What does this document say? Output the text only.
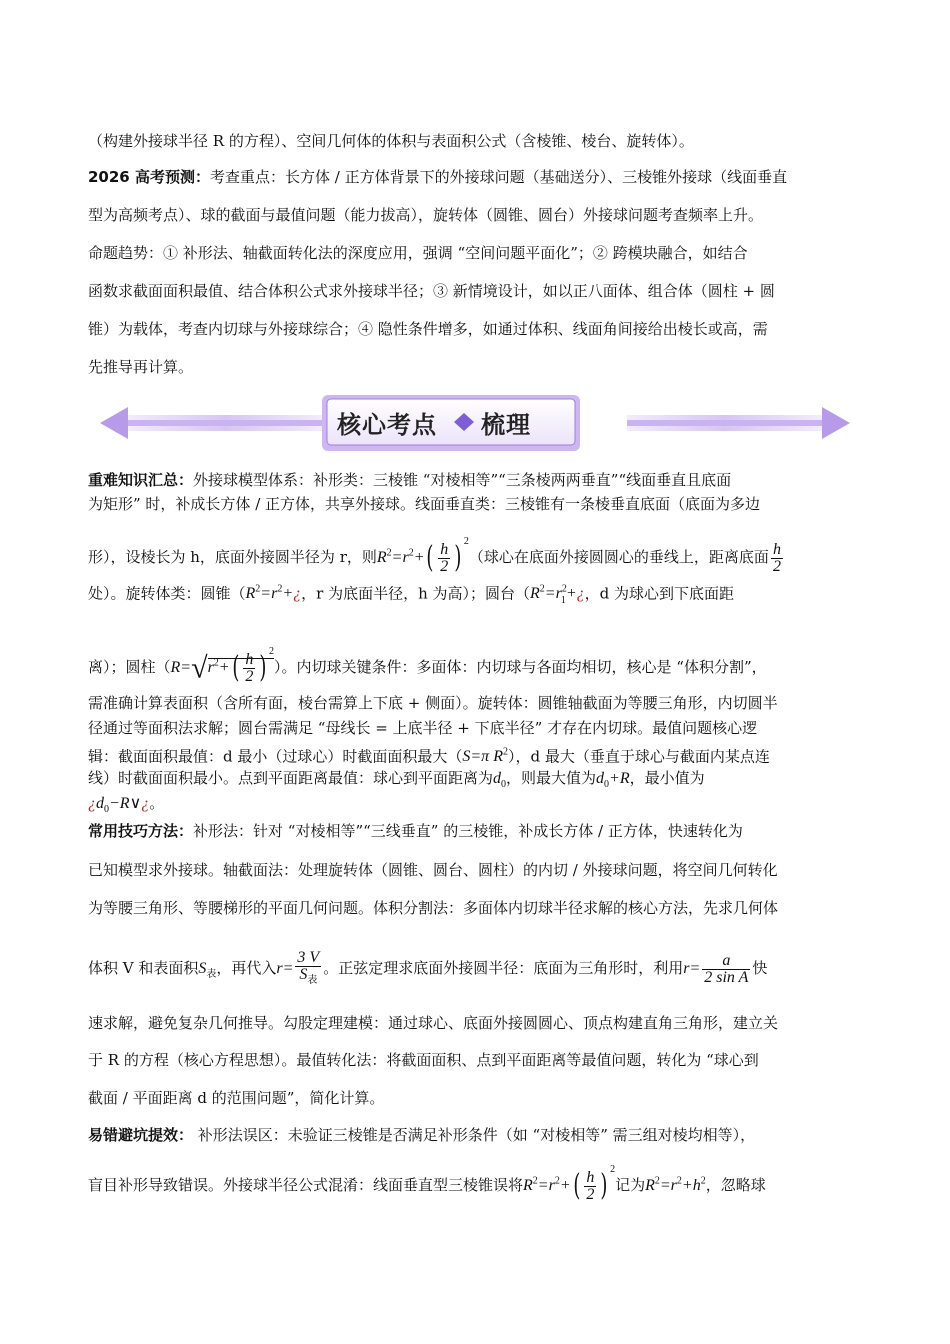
（构建外接球半径 R 的方程）、空间几何体的体积与表面积公式（含棱锥、棱台、旋转体）。

2026 高考预测：考查重点：长方体 / 正方体背景下的外接球问题（基础送分）、三棱锥外接球（线面垂直

型为高频考点）、球的截面与最值问题（能力拔高），旋转体（圆锥、圆台）外接球问题考查频率上升。

命题趋势：① 补形法、轴截面转化法的深度应用，强调 “空间问题平面化”；② 跨模块融合，如结合

函数求截面面积最值、结合体积公式求外接球半径；③ 新情境设计，如以正八面体、组合体（圆柱 + 圆

锥）为载体，考查内切球与外接球综合；④ 隐性条件增多，如通过体积、线面角间接给出棱长或高，需

先推导再计算。

核心考点 梳理

重难知识汇总：外接球模型体系：补形类：三棱锥 “对棱相等”“三条棱两两垂直”“线面垂直且底面

为矩形” 时，补成长方体 / 正方体，共享外接球。线面垂直类：三棱锥有一条棱垂直底面（底面为多边

形），设棱长为 h，底面外接圆半径为 r，则$R^2=r^2+( \frac{h}{2}$ ) $^2$（球心在底面外接圆圆心的垂线上，距离底面 $\frac{h}{2}$

处）。旋转体类：圆锥（$R^2=r^2+¿$，r 为底面半径，h 为高）；圆台（$R^2=r^2_1+¿$，d 为球心到下底面距

离）；圆柱（$R=√r^2+( \frac{h}{2}$ ) $^2$）。内切球关键条件：多面体：内切球与各面均相切，核心是 “体积分割”，

需准确计算表面积（含所有面，棱台需算上下底 + 侧面）。旋转体：圆锥轴截面为等腰三角形，内切圆半

径通过等面积法求解；圆台需满足 “母线长 = 上底半径 + 下底半径” 才存在内切球。最值问题核心逻

辑：截面面积最值：d 最小（过球心）时截面面积最大（S=π $R^2$），d 最大（垂直于球心与截面内某点连

线）时截面面积最小。点到平面距离最值：球心到平面距离为$d_0$，则最大值为$d_0+R$，最小值为

¿$d_0-R\vee¿$。

常用技巧方法：补形法：针对 “对棱相等”“三线垂直” 的三棱锥，补成长方体 / 正方体，快速转化为

已知模型求外接球。轴截面法：处理旋转体（圆锥、圆台、圆柱）的内切 / 外接球问题，将空间几何转化

为等腰三角形、等腰梯形的平面几何问题。体积分割法：多面体内切球半径求解的核心方法，先求几何体

体积 V 和表面积$S_表$，再代入$r= \frac{3 V}{S_表}$ 。正弦定理求底面外接圆半径：底面为三角形时，利用$r= \frac{a}{\text{2 sin A}}$ 快

速求解，避免复杂几何推导。勾股定理建模：通过球心、底面外接圆圆心、顶点构建直角三角形，建立关

于 R 的方程（核心方程思想）。最值转化法：将截面面积、点到平面距离等最值问题，转化为 “球心到

截面 / 平面距离 d 的范围问题”，简化计算。

易错避坑提效： 补形法误区：未验证三棱锥是否满足补形条件（如 “对棱相等” 需三组对棱均相等），

盲目补形导致错误。外接球半径公式混淆：线面垂直型三棱锥误将$R^2=r^2+( \frac{h}{2}$ ) $^2$记为$R^2=r^2+h^2$，忽略球
